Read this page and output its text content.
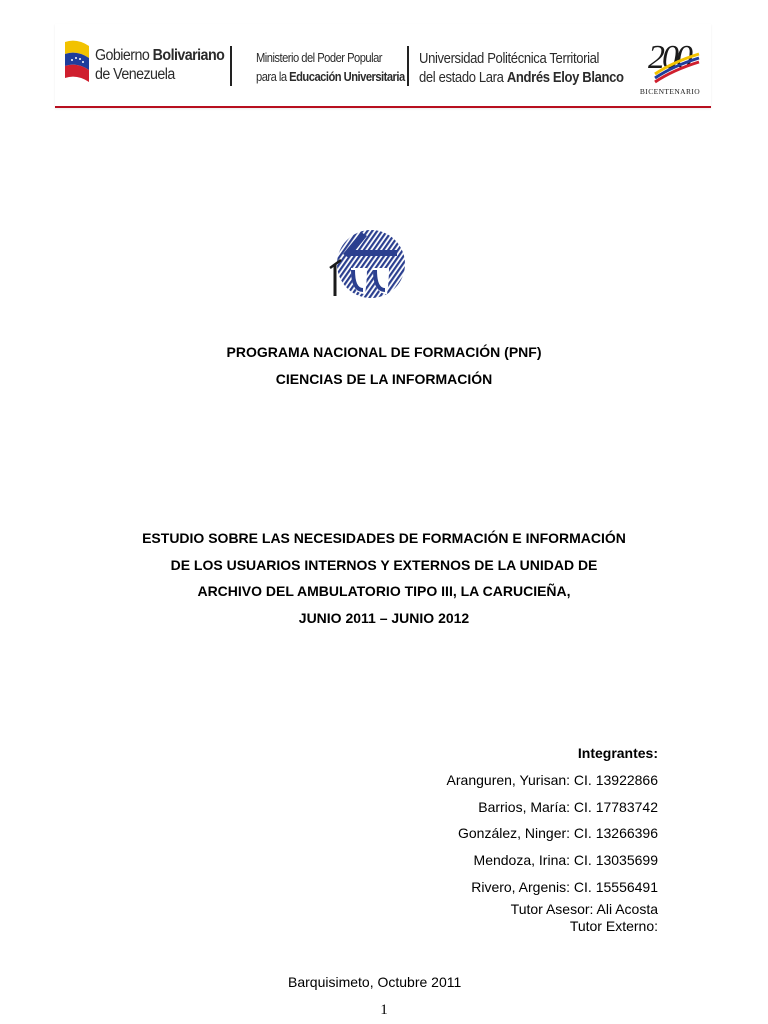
Gobierno Bolivariano
de Venezuela
Ministerio del Poder Popular
para la Educación Universitaria
Universidad Politécnica Territorial
del estado Lara Andrés Eloy Blanco
200
BICENTENARIO
PROGRAMA NACIONAL DE FORMACIÓN (PNF)
CIENCIAS DE LA INFORMACIÓN
ESTUDIO SOBRE LAS NECESIDADES DE FORMACIÓN E INFORMACIÓN
DE LOS USUARIOS INTERNOS Y EXTERNOS DE LA UNIDAD DE
ARCHIVO DEL AMBULATORIO TIPO III, LA CARUCIEÑA,
JUNIO 2011 – JUNIO 2012
Integrantes:
Aranguren, Yurisan: CI. 13922866
Barrios, María: CI. 17783742
González, Ninger: CI. 13266396
Mendoza, Irina: CI. 13035699
Rivero, Argenis: CI. 15556491
Tutor Asesor: Ali Acosta
Tutor Externo:
Barquisimeto, Octubre 2011
1
